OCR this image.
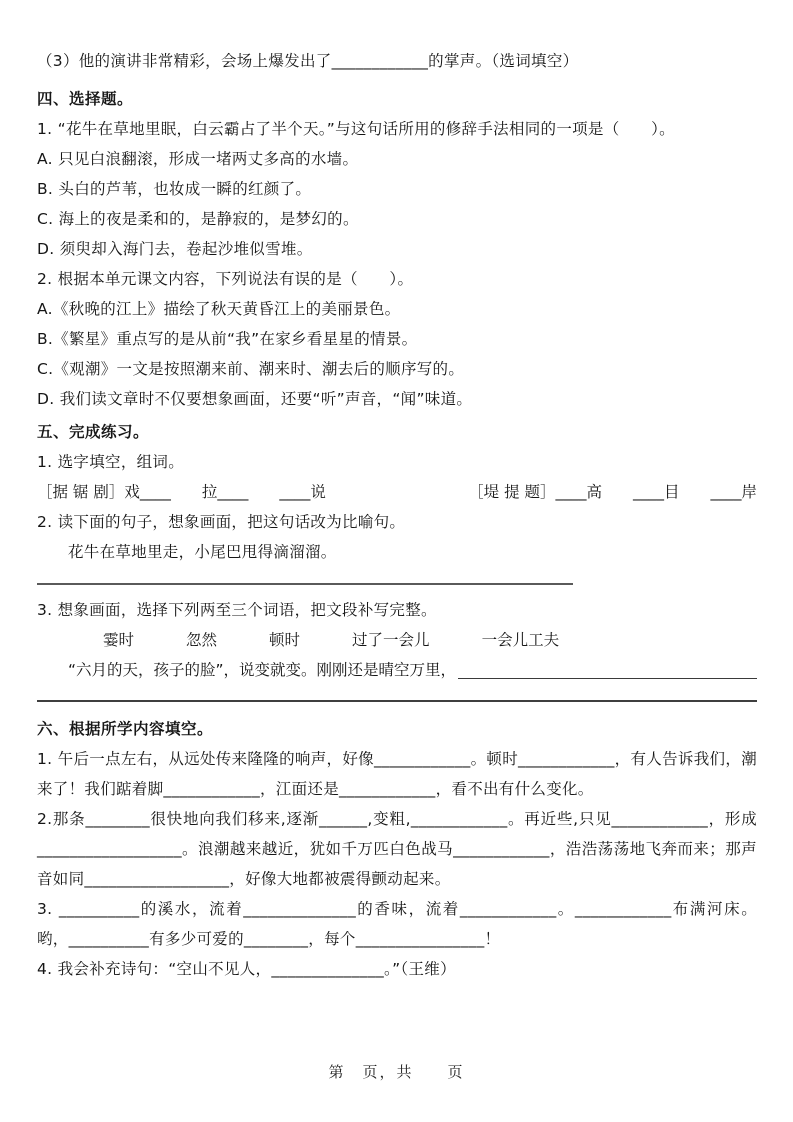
（3）他的演讲非常精彩，会场上爆发出了____________的掌声。（选词填空）
四、选择题。
1. “花牛在草地里眠，白云霸占了半个天。”与这句话所用的修辞手法相同的一项是（　　）。
A. 只见白浪翻滚，形成一堵两丈多高的水墙。
B. 头白的芦苇，也妆成一瞬的红颜了。
C. 海上的夜是柔和的，是静寂的，是梦幻的。
D. 须臾却入海门去，卷起沙堆似雪堆。
2. 根据本单元课文内容，下列说法有误的是（　　）。
A.《秋晚的江上》描绘了秋天黄昏江上的美丽景色。
B.《繁星》重点写的是从前“我”在家乡看星星的情景。
C.《观潮》一文是按照潮来前、潮来时、潮去后的顺序写的。
D. 我们读文章时不仅要想象画面，还要“听”声音，“闻”味道。
五、完成练习。
1. 选字填空，组词。
［据 锯 剧］戏____　　拉____　　____说	［堤 提 题］____高　　____目　　____岸
2. 读下面的句子，想象画面，把这句话改为比喻句。
花牛在草地里走，小尾巴甩得滴溜溜。
3. 想象画面，选择下列两至三个词语，把文段补写完整。
霎时	忽然	顿时	过了一会儿	一会儿工夫
“六月的天，孩子的脸”，说变就变。刚刚还是晴空万里，
六、根据所学内容填空。
1. 午后一点左右，从远处传来隆隆的响声，好像____________。顿时____________，有人告诉我们，潮来了！我们踮着脚____________，江面还是____________，看不出有什么变化。
2.那条________很快地向我们移来,逐渐______,变粗,____________。再近些,只见____________，形成__________________。浪潮越来越近，犹如千万匹白色战马____________，浩浩荡荡地飞奔而来；那声音如同__________________，好像大地都被震得颤动起来。
3. __________的溪水，流着______________的香味，流着____________。____________布满河床。哟，__________有多少可爱的________，每个________________！
4. 我会补充诗句：“空山不见人，______________。”（王维）
第　页，共　　页
